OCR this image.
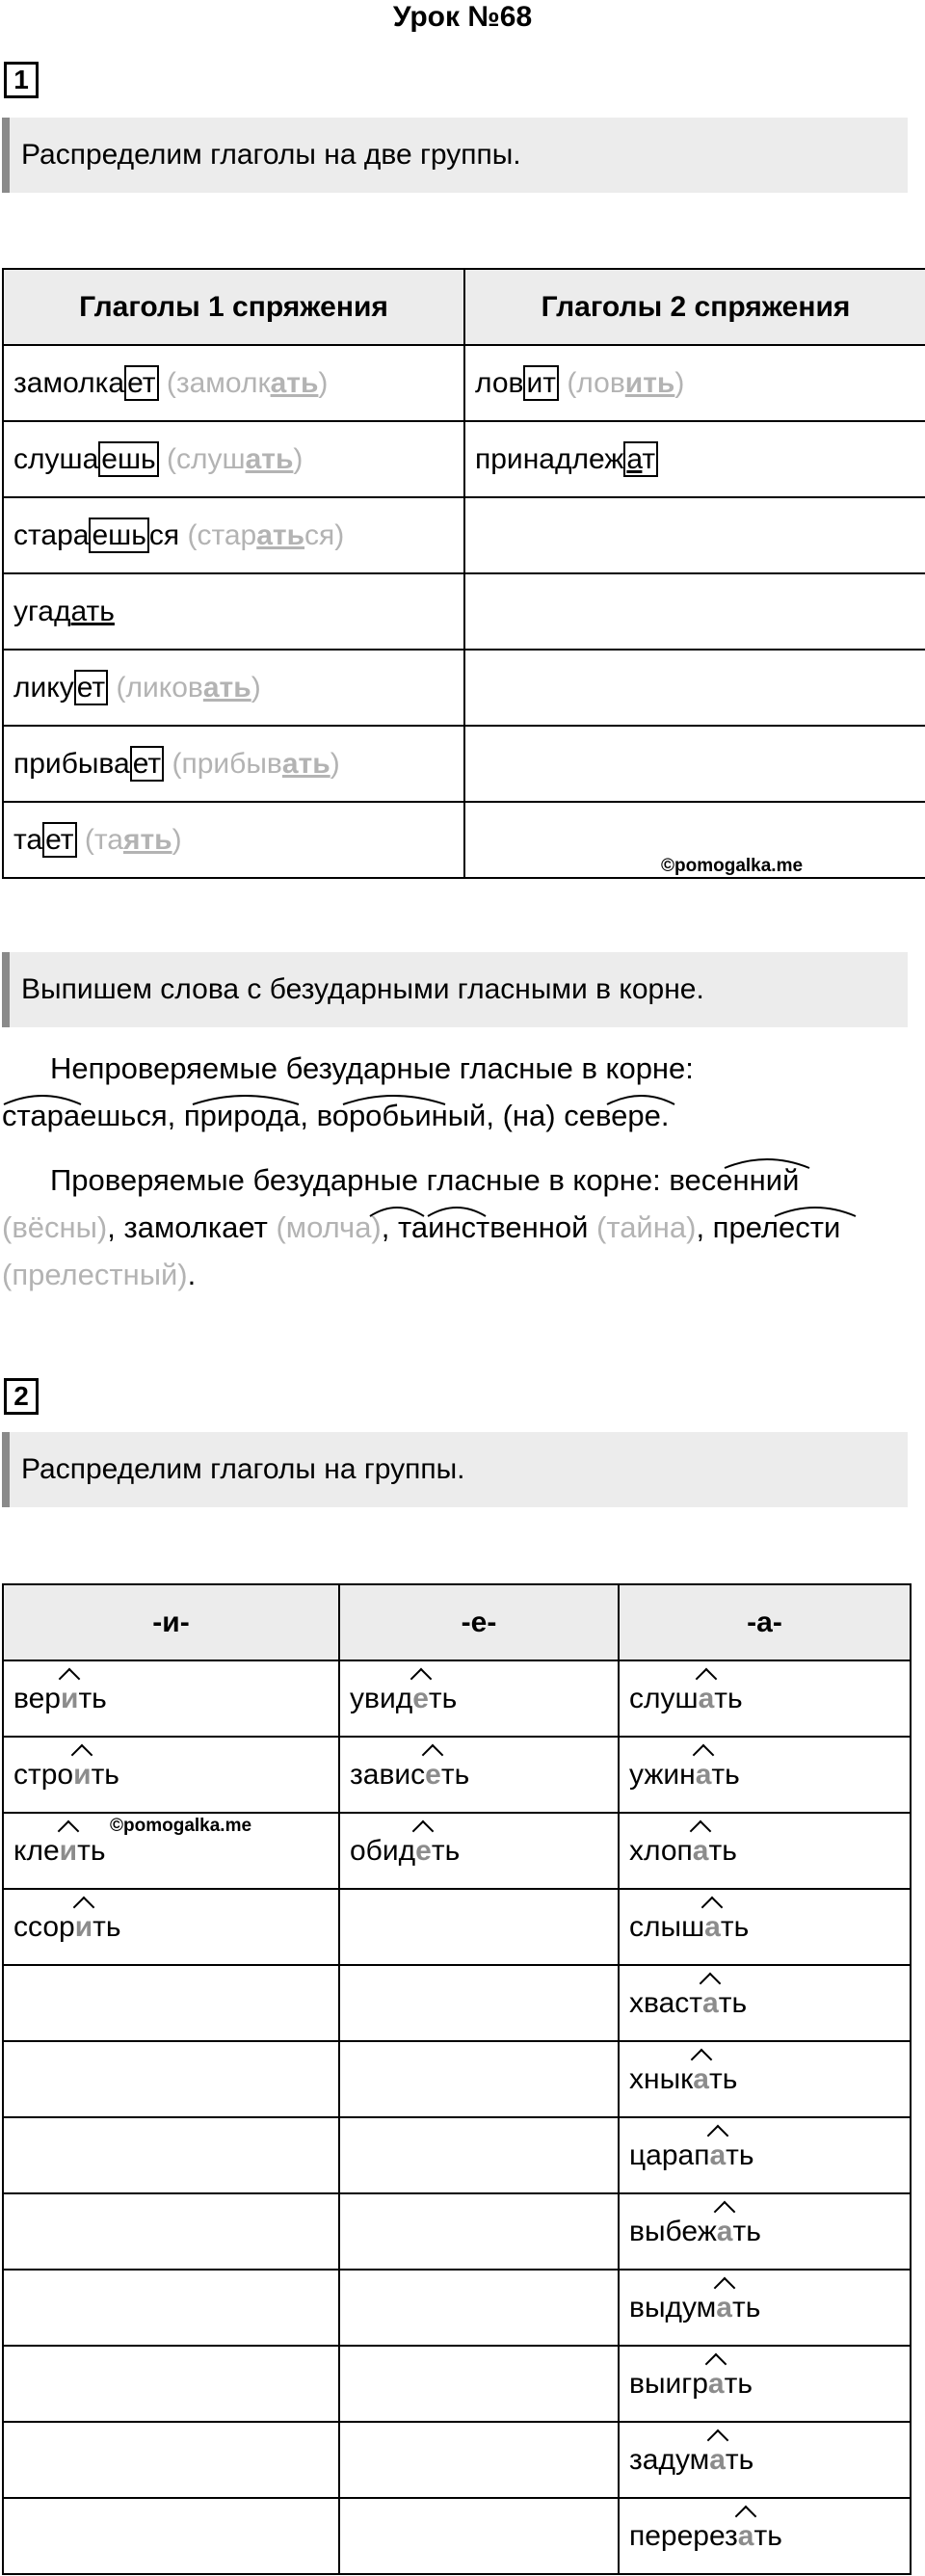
Урок №68
1
Распределим глаголы на две группы.
Глаголы 1 спряжения	Глаголы 2 спряжения
замолка ет (замолкать)	лов ит (ловить)
слуша ешь (слушать)	принадлеж ат
стара ешь ся (стараться)	
угадать	
лику ет (ликовать)	
прибыва ет (прибывать)	
та ет (таять)	
©pomogalka.me
Выпишем слова с безударными гласными в корне.
Непроверяемые безударные гласные в корне:
стараешься, природа, воробьиный, (на) севере.
Проверяемые безударные гласные в корне: весенний
(вёсны), замолкает (молча), таинственной (тайна), прелести
(прелестный).
2
Распределим глаголы на группы.
-и-	-е-	-а-
верить	увидеть	слушать
строить	зависеть	ужинать
клеить	обидеть	хлопать
ссорить		слышать
		хвастать
		хныкать
		царапать
		выбежать
		выдумать
		выиграть
		задумать
		перерезать
©pomogalka.me
